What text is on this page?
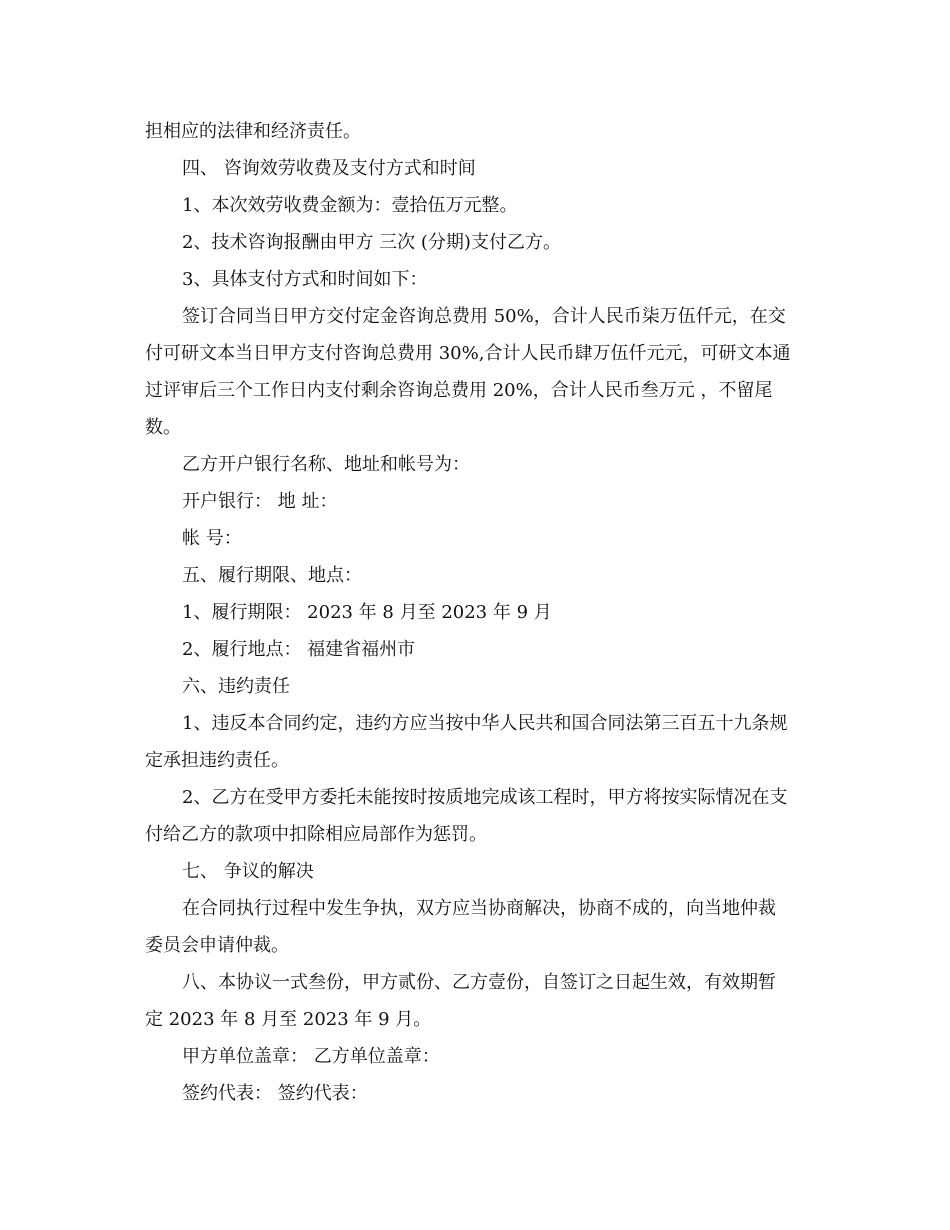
担相应的法律和经济责任。
四、 咨询效劳收费及支付方式和时间
1、本次效劳收费金额为：壹拾伍万元整。
2、技术咨询报酬由甲方 三次 (分期)支付乙方。
3、具体支付方式和时间如下：
签订合同当日甲方交付定金咨询总费用 50%，合计人民币柒万伍仟元，在交
付可研文本当日甲方支付咨询总费用 30%,合计人民币肆万伍仟元元，可研文本通
过评审后三个工作日内支付剩余咨询总费用 20%，合计人民币叁万元 ，不留尾
数。
乙方开户银行名称、地址和帐号为：
开户银行： 地 址：
帐 号：
五、履行期限、地点：
1、履行期限： 2023 年 8 月至 2023 年 9 月
2、履行地点： 福建省福州市
六、违约责任
1、违反本合同约定，违约方应当按中华人民共和国合同法第三百五十九条规
定承担违约责任。
2、乙方在受甲方委托未能按时按质地完成该工程时，甲方将按实际情况在支
付给乙方的款项中扣除相应局部作为惩罚。
七、 争议的解决
在合同执行过程中发生争执，双方应当协商解决，协商不成的，向当地仲裁
委员会申请仲裁。
八、本协议一式叁份，甲方贰份、乙方壹份，自签订之日起生效，有效期暂
定 2023 年 8 月至 2023 年 9 月。
甲方单位盖章： 乙方单位盖章：
签约代表： 签约代表：
